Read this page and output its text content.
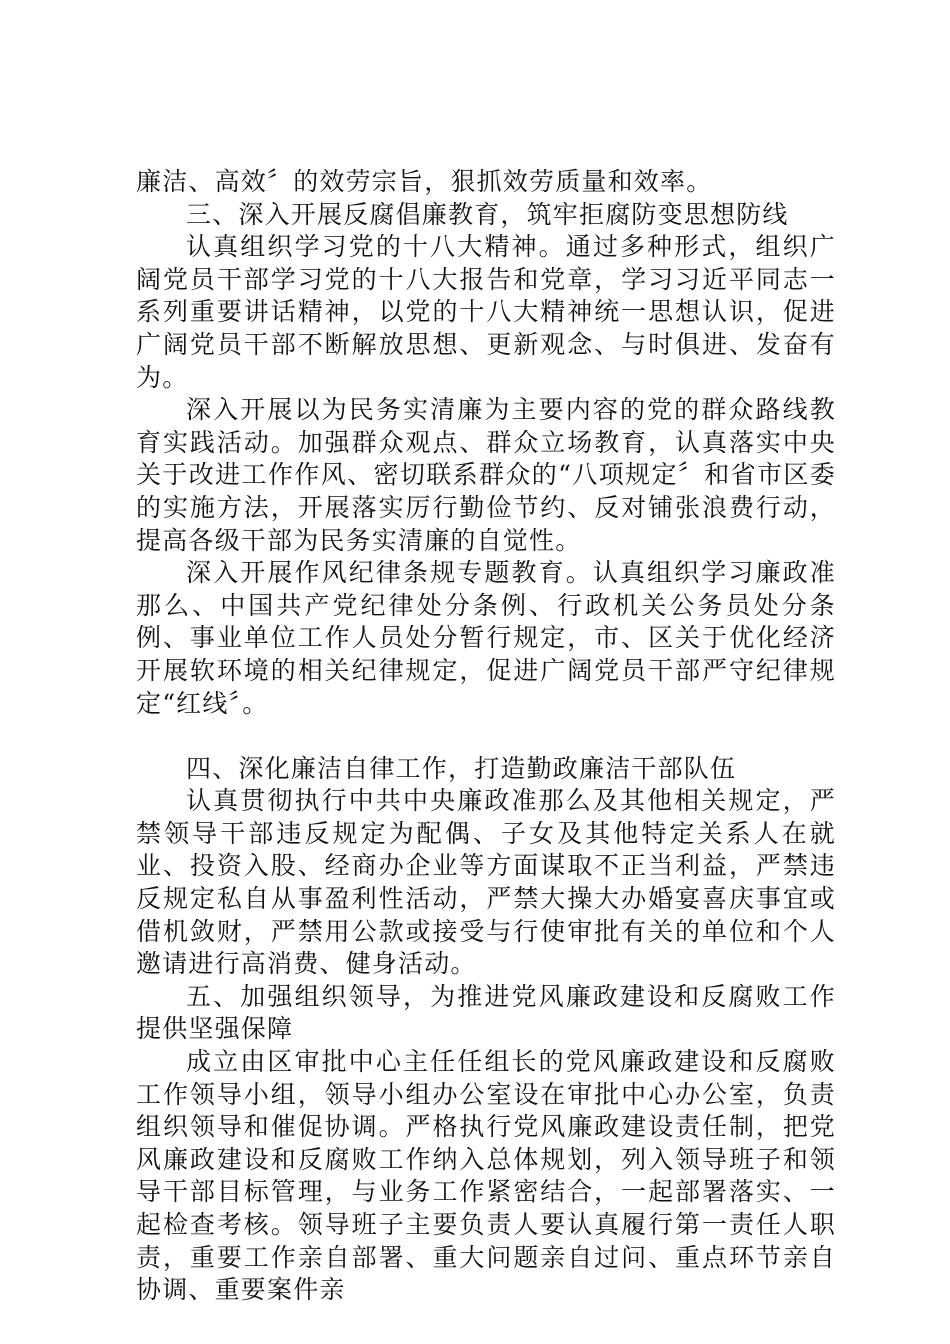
廉洁、高效〞的效劳宗旨，狠抓效劳质量和效率。

三、深入开展反腐倡廉教育，筑牢拒腐防变思想防线

认真组织学习党的十八大精神。通过多种形式，组织广阔党员干部学习党的十八大报告和党章，学习习近平同志一系列重要讲话精神，以党的十八大精神统一思想认识，促进广阔党员干部不断解放思想、更新观念、与时俱进、发奋有为。

深入开展以为民务实清廉为主要内容的党的群众路线教育实践活动。加强群众观点、群众立场教育，认真落实中央关于改进工作作风、密切联系群众的“八项规定〞和省市区委的实施方法，开展落实厉行勤俭节约、反对铺张浪费行动，提高各级干部为民务实清廉的自觉性。

深入开展作风纪律条规专题教育。认真组织学习廉政准那么、中国共产党纪律处分条例、行政机关公务员处分条例、事业单位工作人员处分暂行规定，市、区关于优化经济开展软环境的相关纪律规定，促进广阔党员干部严守纪律规定“红线〞。

四、深化廉洁自律工作，打造勤政廉洁干部队伍

认真贯彻执行中共中央廉政准那么及其他相关规定，严禁领导干部违反规定为配偶、子女及其他特定关系人在就业、投资入股、经商办企业等方面谋取不正当利益，严禁违反规定私自从事盈利性活动，严禁大操大办婚宴喜庆事宜或借机敛财，严禁用公款或接受与行使审批有关的单位和个人邀请进行高消费、健身活动。

五、加强组织领导，为推进党风廉政建设和反腐败工作提供坚强保障

成立由区审批中心主任任组长的党风廉政建设和反腐败工作领导小组，领导小组办公室设在审批中心办公室，负责组织领导和催促协调。严格执行党风廉政建设责任制，把党风廉政建设和反腐败工作纳入总体规划，列入领导班子和领导干部目标管理，与业务工作紧密结合，一起部署落实、一起检查考核。领导班子主要负责人要认真履行第一责任人职责，重要工作亲自部署、重大问题亲自过问、重点环节亲自协调、重要案件亲
